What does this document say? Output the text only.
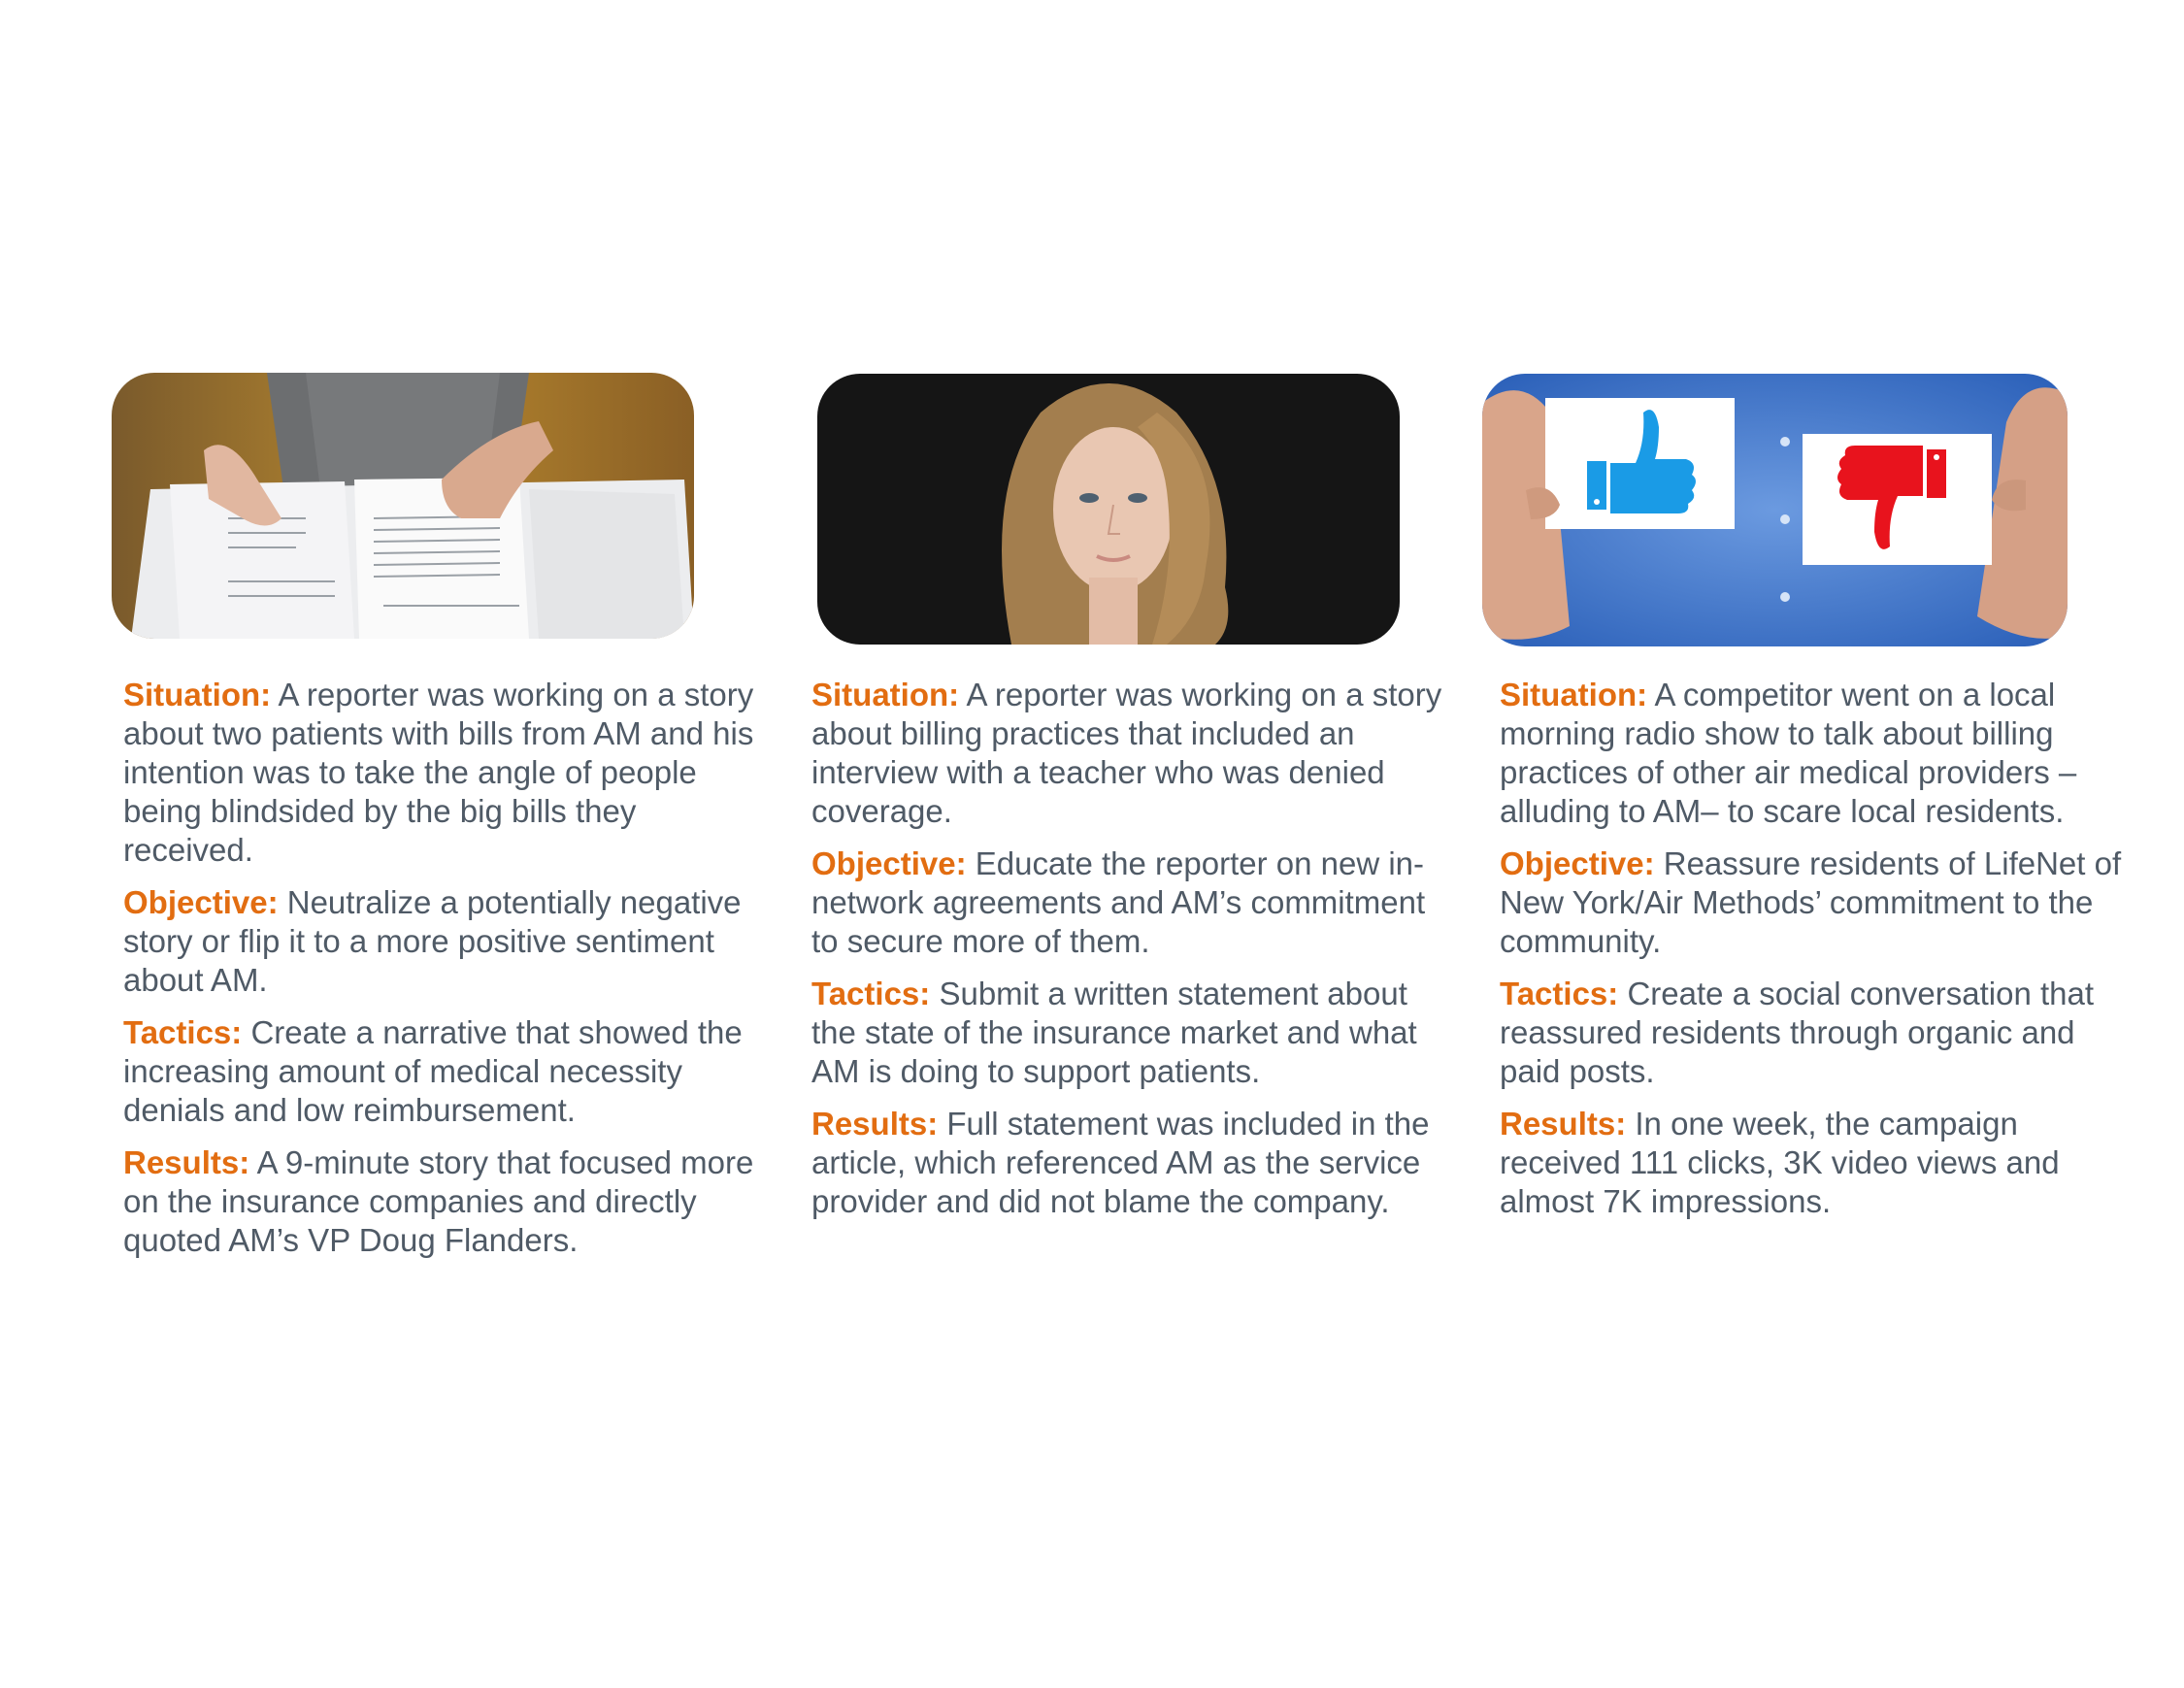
Situation: A reporter was working on a story about two patients with bills from AM and his intention was to take the angle of people being blindsided by the big bills they received.

Objective: Neutralize a potentially negative story or flip it to a more positive sentiment about AM.

Tactics: Create a narrative that showed the increasing amount of medical necessity denials and low reimbursement.

Results: A 9-minute story that focused more on the insurance companies and directly quoted AM’s VP Doug Flanders.

Situation: A reporter was working on a story about billing practices that included an interview with a teacher who was denied coverage.

Objective: Educate the reporter on new in-network agreements and AM’s commitment to secure more of them.

Tactics: Submit a written statement about the state of the insurance market and what AM is doing to support patients.

Results: Full statement was included in the article, which referenced AM as the service provider and did not blame the company.

Situation: A competitor went on a local morning radio show to talk about billing practices of other air medical providers – alluding to AM– to scare local residents.

Objective: Reassure residents of LifeNet of New York/Air Methods’ commitment to the community.

Tactics: Create a social conversation that reassured residents through organic and paid posts.

Results: In one week, the campaign received 111 clicks, 3K video views and almost 7K impressions.
